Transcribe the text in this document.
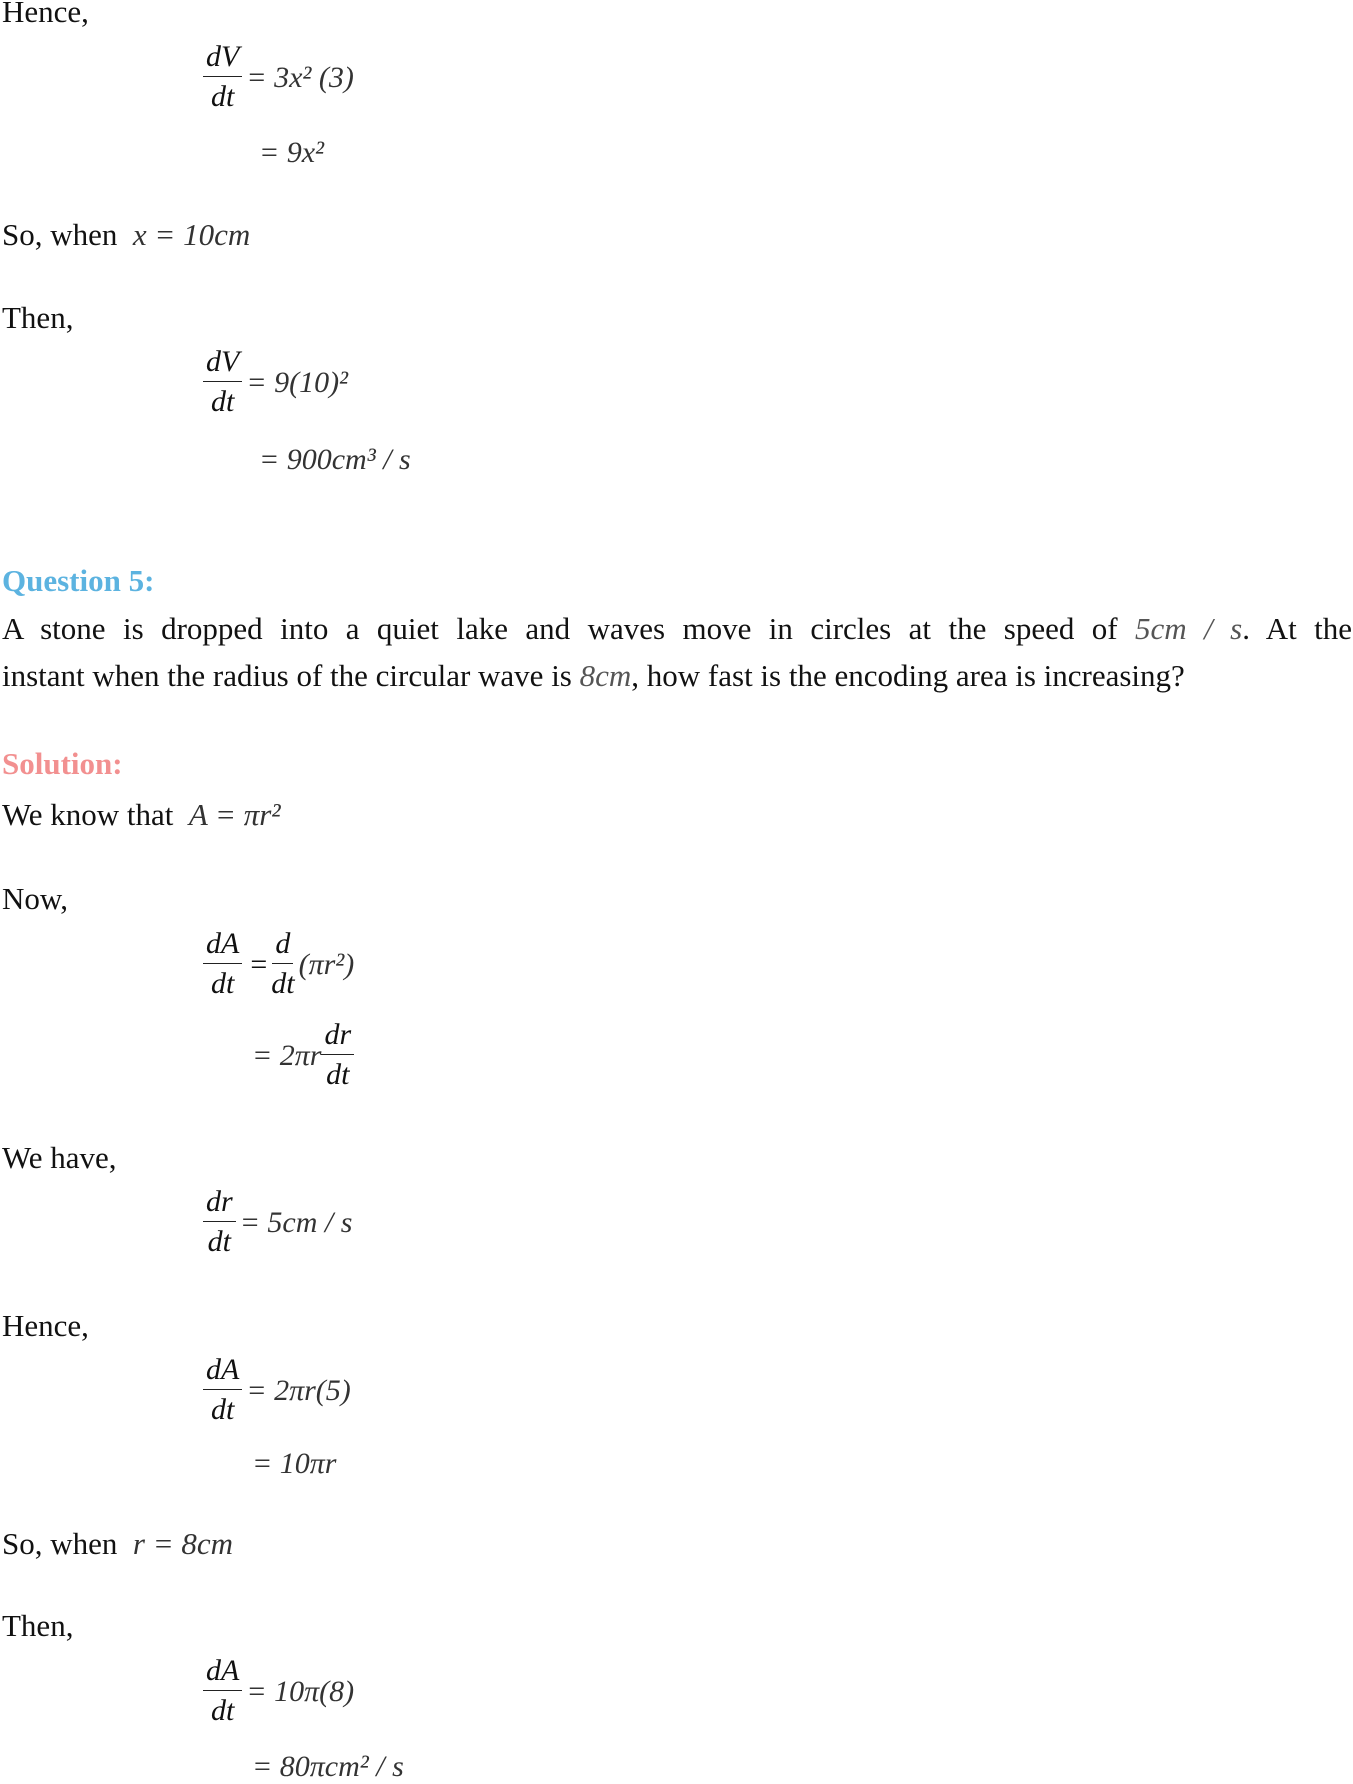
Hence,
$\frac{dV}{dt} = 3x^2$ (3)
= 9x²
So, when x = 10cm
Then,
$\frac{dV}{dt} = 9(10)^2$
= 900cm³ / s
Question 5:
A stone is dropped into a quiet lake and waves move in circles at the speed of 5cm / s. At the
instant when the radius of the circular wave is 8cm, how fast is the encoding area is increasing?
Solution:
We know that A = πr²
Now,
$\frac{dA}{dt} = \frac{d}{dt} (\pi r^2)$
= $2\pi r \frac{dr}{dt}$
We have,
$\frac{dr}{dt} = 5cm / s$
Hence,
$\frac{dA}{dt} = 2\pi r(5)$
= 10πr
So, when r = 8cm
Then,
$\frac{dA}{dt} = 10\pi(8)$
= 80πcm² / s
